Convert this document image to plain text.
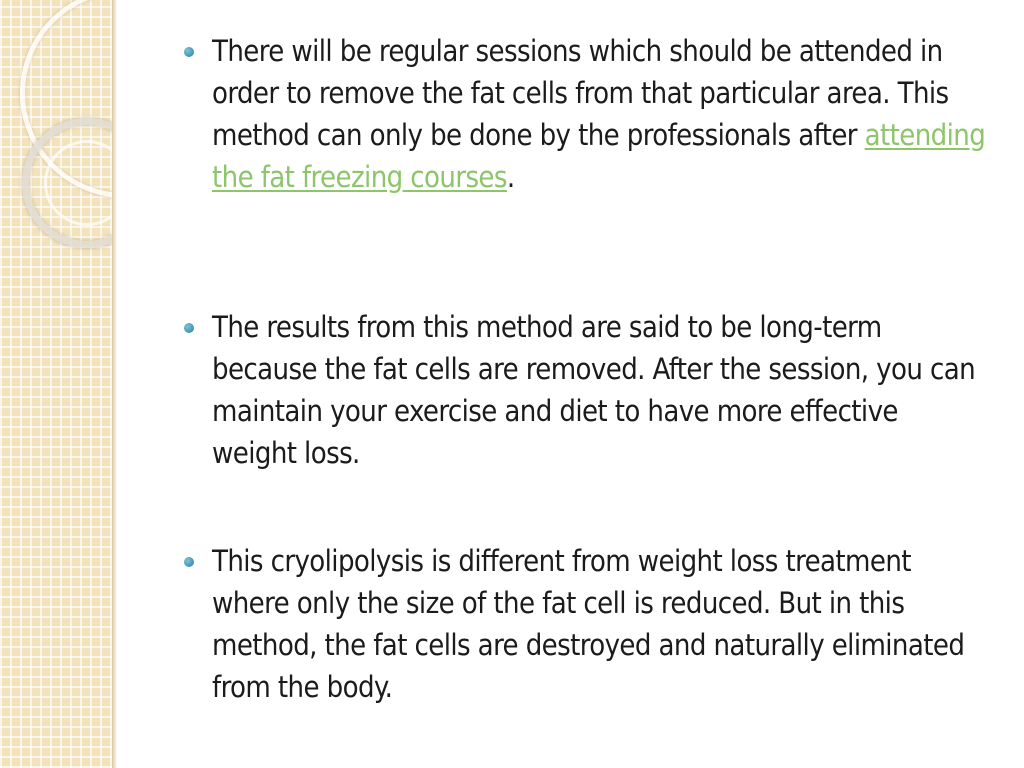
There will be regular sessions which should be attended in order to remove the fat cells from that particular area. This method can only be done by the professionals after attending the fat freezing courses.

The results from this method are said to be long-term because the fat cells are removed. After the session, you can maintain your exercise and diet to have more effective weight loss.

This cryolipolysis is different from weight loss treatment where only the size of the fat cell is reduced. But in this method, the fat cells are destroyed and naturally eliminated from the body.
